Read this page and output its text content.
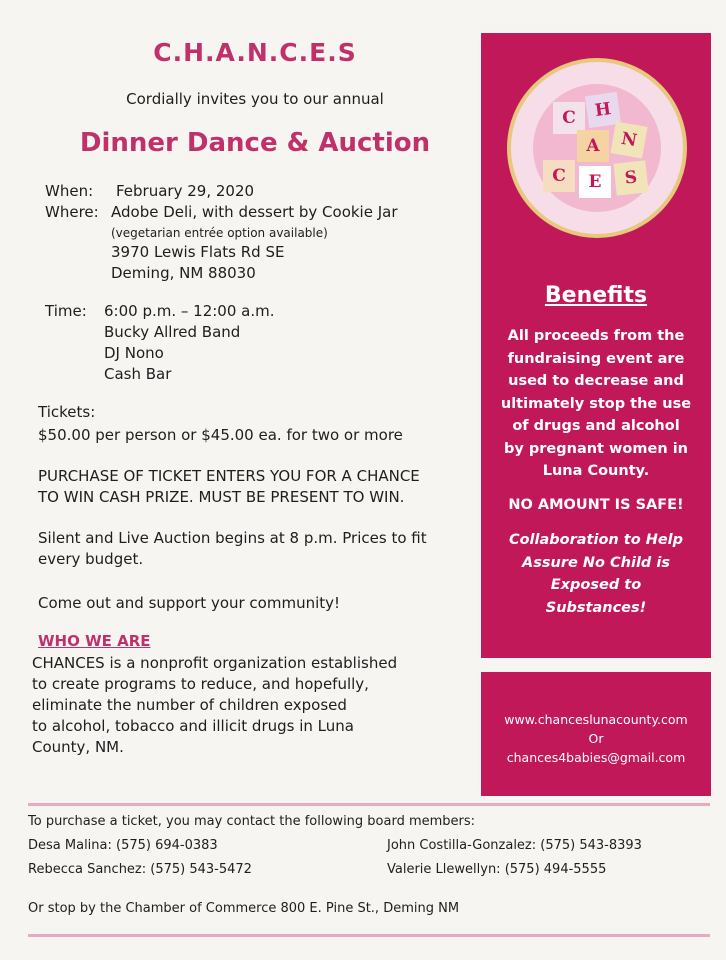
C.H.A.N.C.E.S
Cordially invites you to our annual
Dinner Dance & Auction
When: February 29, 2020
Where: Adobe Deli, with dessert by Cookie Jar
(vegetarian entrée option available)
3970 Lewis Flats Rd SE
Deming, NM 88030
Time: 6:00 p.m. – 12:00 a.m.
Bucky Allred Band
DJ Nono
Cash Bar
Tickets:
$50.00 per person or $45.00 ea. for two or more
PURCHASE OF TICKET ENTERS YOU FOR A CHANCE
TO WIN CASH PRIZE. MUST BE PRESENT TO WIN.
Silent and Live Auction begins at 8 p.m. Prices to fit
every budget.
Come out and support your community!
WHO WE ARE
CHANCES is a nonprofit organization established
to create programs to reduce, and hopefully,
eliminate the number of children exposed
to alcohol, tobacco and illicit drugs in Luna
County, NM.
C	H
A	N
C	E	S
Benefits
All proceeds from the
fundraising event are
used to decrease and
ultimately stop the use
of drugs and alcohol
by pregnant women in
Luna County.
NO AMOUNT IS SAFE!
Collaboration to Help
Assure No Child is
Exposed to
Substances!
www.chanceslunacounty.com
Or
chances4babies@gmail.com
To purchase a ticket, you may contact the following board members:
Desa Malina: (575) 694-0383	John Costilla-Gonzalez: (575) 543-8393
Rebecca Sanchez: (575) 543-5472	Valerie Llewellyn: (575) 494-5555
Or stop by the Chamber of Commerce 800 E. Pine St., Deming NM
